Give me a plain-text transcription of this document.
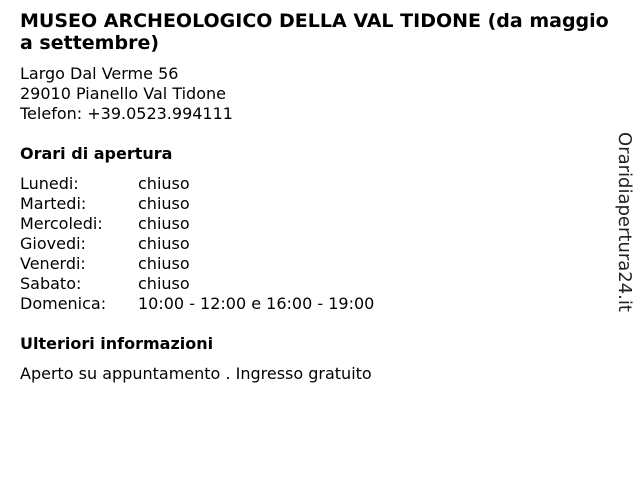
MUSEO ARCHEOLOGICO DELLA VAL TIDONE (da maggio a settembre)
Largo Dal Verme 56
29010 Pianello Val Tidone
Telefon: +39.0523.994111
Orari di apertura
Lunedi:	chiuso
Martedi:	chiuso
Mercoledi:	chiuso
Giovedi:	chiuso
Venerdi:	chiuso
Sabato:	chiuso
Domenica:	10:00 - 12:00 e 16:00 - 19:00
Ulteriori informazioni
Aperto su appuntamento . Ingresso gratuito
Oraridiapertura24.it
